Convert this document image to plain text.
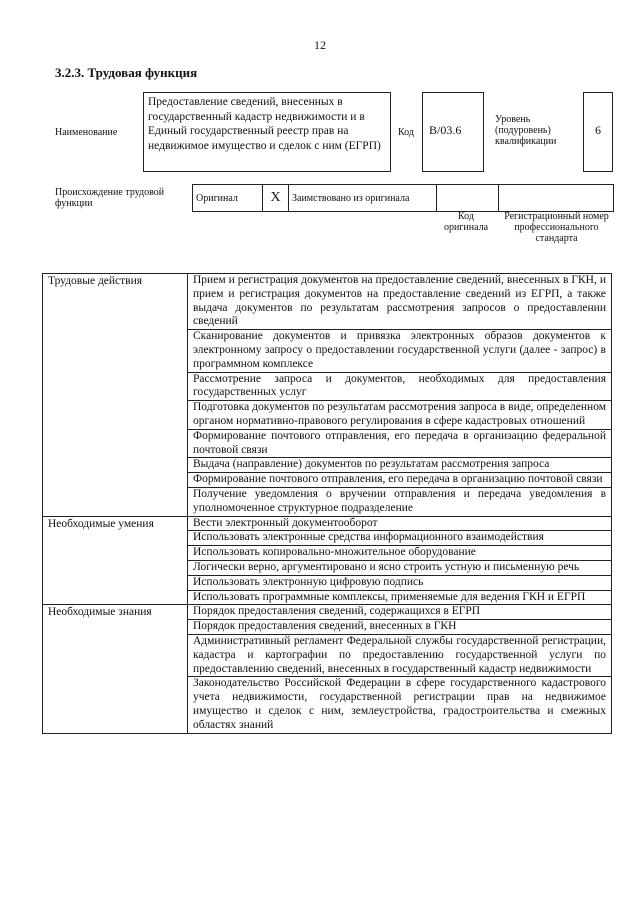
12
3.2.3. Трудовая функция
Наименование
Предоставление сведений, внесенных в государственный кадастр недвижимости и в Единый государственный реестр прав на недвижимое имущество и сделок с ним (ЕГРП)
Код	B/03.6
Уровень (подуровень) квалификации
6
Происхождение трудовой функции	Оригинал	X	Заимствовано из оригинала		
Код оригинала
Регистрационный номер профессионального стандарта
Трудовые действия	Прием и регистрация документов на предоставление сведений, внесенных в ГКН, и прием и регистрация документов на предоставление сведений из ЕГРП, а также выдача документов по результатам рассмотрения запросов о предоставлении сведений
	Сканирование документов и привязка электронных образов документов к электронному запросу о предоставлении государственной услуги (далее - запрос) в программном комплексе
	Рассмотрение запроса и документов, необходимых для предоставления государственных услуг
	Подготовка документов по результатам рассмотрения запроса в виде, определенном органом нормативно-правового регулирования в сфере кадастровых отношений
	Формирование почтового отправления, его передача в организацию федеральной почтовой связи
	Выдача (направление) документов по результатам рассмотрения запроса
	Формирование почтового отправления, его передача в организацию почтовой связи
	Получение уведомления о вручении отправления и передача уведомления в уполномоченное структурное подразделение
Необходимые умения	Вести электронный документооборот
	Использовать электронные средства информационного взаимодействия
	Использовать копировально-множительное оборудование
	Логически верно, аргументировано и ясно строить устную и письменную речь
	Использовать электронную цифровую подпись
	Использовать программные комплексы, применяемые для ведения ГКН и ЕГРП
Необходимые знания	Порядок предоставления сведений, содержащихся в ЕГРП
	Порядок предоставления сведений, внесенных в ГКН
	Административный регламент Федеральной службы государственной регистрации, кадастра и картографии по предоставлению государственной услуги по предоставлению сведений, внесенных в государственный кадастр недвижимости
	Законодательство Российской Федерации в сфере государственного кадастрового учета недвижимости, государственной регистрации прав на недвижимое имущество и сделок с ним, землеустройства, градостроительства и смежных областях знаний
